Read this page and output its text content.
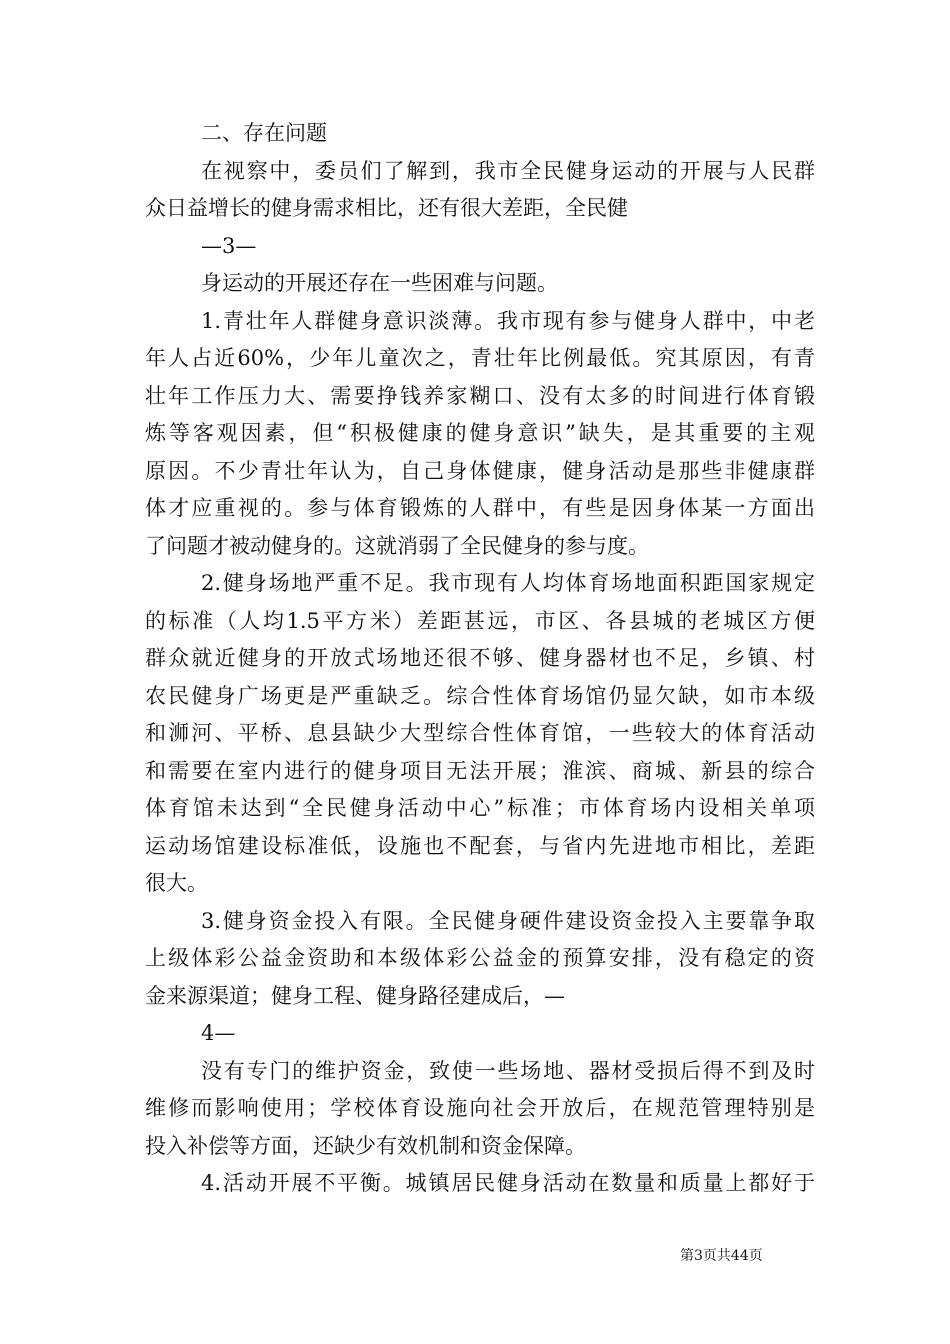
二、存在问题
在视察中，委员们了解到，我市全民健身运动的开展与人民群
众日益增长的健身需求相比，还有很大差距，全民健
—3—
身运动的开展还存在一些困难与问题。
1.青壮年人群健身意识淡薄。我市现有参与健身人群中，中老
年人占近60%，少年儿童次之，青壮年比例最低。究其原因，有青
壮年工作压力大、需要挣钱养家糊口、没有太多的时间进行体育锻
炼等客观因素，但“积极健康的健身意识”缺失，是其重要的主观
原因。不少青壮年认为，自己身体健康，健身活动是那些非健康群
体才应重视的。参与体育锻炼的人群中，有些是因身体某一方面出
了问题才被动健身的。这就消弱了全民健身的参与度。
2.健身场地严重不足。我市现有人均体育场地面积距国家规定
的标准（人均1.5平方米）差距甚远，市区、各县城的老城区方便
群众就近健身的开放式场地还很不够、健身器材也不足，乡镇、村
农民健身广场更是严重缺乏。综合性体育场馆仍显欠缺，如市本级
和浉河、平桥、息县缺少大型综合性体育馆，一些较大的体育活动
和需要在室内进行的健身项目无法开展；淮滨、商城、新县的综合
体育馆未达到“全民健身活动中心”标准；市体育场内设相关单项
运动场馆建设标准低，设施也不配套，与省内先进地市相比，差距
很大。
3.健身资金投入有限。全民健身硬件建设资金投入主要靠争取
上级体彩公益金资助和本级体彩公益金的预算安排，没有稳定的资
金来源渠道；健身工程、健身路径建成后，—
4—
没有专门的维护资金，致使一些场地、器材受损后得不到及时
维修而影响使用；学校体育设施向社会开放后，在规范管理特别是
投入补偿等方面，还缺少有效机制和资金保障。
4.活动开展不平衡。城镇居民健身活动在数量和质量上都好于
第3页共44页
